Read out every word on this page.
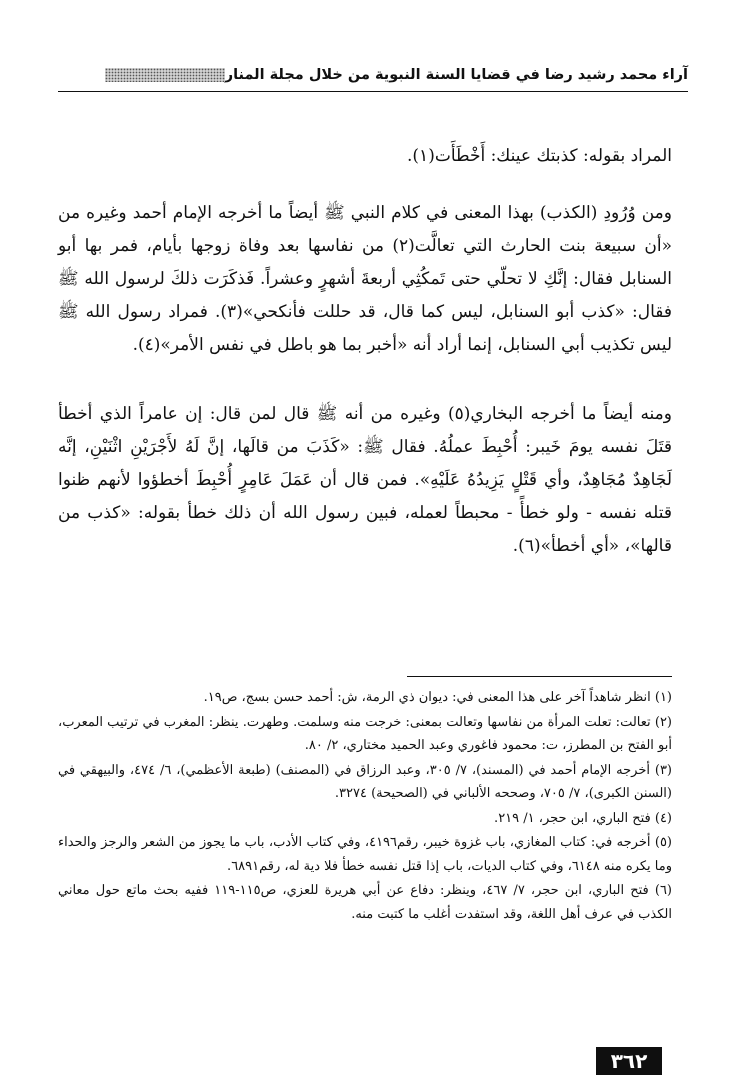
آراء محمد رشيد رضا في قضايا السنة النبوية من خلال مجلة المنار

المراد بقوله: كذبتك عينك: أَخْطَأَت(١).

ومن وُرُودِ (الكذب) بهذا المعنى في كلام النبي ﷺ أيضاً ما أخرجه الإمام أحمد وغيره من «أن سبيعة بنت الحارث التي تعالَّت(٢) من نفاسها بعد وفاة زوجها بأيام، فمر بها أبو السنابل فقال: إنَّكِ لا تحلّي حتى تَمكُثِي أربعةَ أشهرٍ وعشراً. فَذكَرَت ذلكَ لرسول الله ﷺ فقال: «كذب أبو السنابل، ليس كما قال، قد حللت فأنكحي»(٣). فمراد رسول الله ﷺ ليس تكذيب أبي السنابل، إنما أراد أنه «أخبر بما هو باطل في نفس الأمر»(٤).

ومنه أيضاً ما أخرجه البخاري(٥) وغيره من أنه ﷺ قال لمن قال: إن عامراً الذي أخطأ قتَلَ نفسه يومَ خَيبر: أُحْبِطَ عملُهُ. فقال ﷺ: «كَذَبَ من قالَها، إنَّ لَهُ لأَجْرَيْنِ اثْنَيْنِ، إنَّه لَجَاهِدٌ مُجَاهِدٌ، وأي قَتْلٍ يَزِيدُهُ عَلَيْهِ». فمن قال أن عَمَلَ عَامِرٍ أُحْبِطَ أخطؤوا لأنهم ظنوا قتله نفسه - ولو خطأً - محبطاً لعمله، فبين رسول الله أن ذلك خطأ بقوله: «كذب من قالها»، «أي أخطأ»(٦).

(١) انظر شاهداً آخر على هذا المعنى في: ديوان ذي الرمة، ش: أحمد حسن بسج، ص١٩.

(٢) تعالت: تعلت المرأة من نفاسها وتعالت بمعنى: خرجت منه وسلمت. وطهرت. ينظر: المغرب في ترتيب المعرب، أبو الفتح بن المطرز، ت: محمود فاغوري وعبد الحميد مختاري، ٢/ ٨٠.

(٣) أخرجه الإمام أحمد في (المسند)، ٧/ ٣٠٥، وعبد الرزاق في (المصنف) (طبعة الأعظمي)، ٦/ ٤٧٤، والبيهقي في (السنن الكبرى)، ٧/ ٧٠٥، وصححه الألباني في (الصحيحة) ٣٢٧٤.

(٤) فتح الباري، ابن حجر، ١/ ٢١٩.

(٥) أخرجه في: كتاب المغازي، باب غزوة خيبر، رقم٤١٩٦، وفي كتاب الأدب، باب ما يجوز من الشعر والرجز والحداء وما يكره منه ٦١٤٨، وفي كتاب الديات، باب إذا قتل نفسه خطأ فلا دية له، رقم٦٨٩١.

(٦) فتح الباري، ابن حجر، ٧/ ٤٦٧، وينظر: دفاع عن أبي هريرة للعزي، ص١١٥-١١٩ ففيه بحث ماتع حول معاني الكذب في عرف أهل اللغة، وقد استفدت أغلب ما كتبت منه.

٣٦٢
